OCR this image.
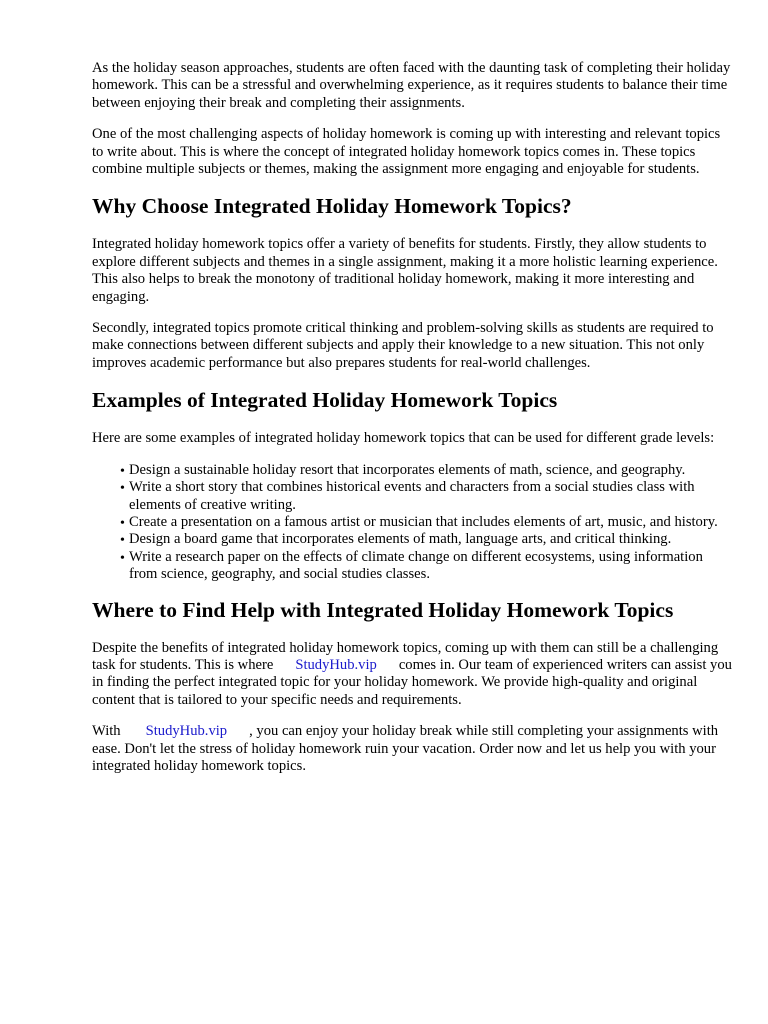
As the holiday season approaches, students are often faced with the daunting task of completing their holiday homework. This can be a stressful and overwhelming experience, as it requires students to balance their time between enjoying their break and completing their assignments.

One of the most challenging aspects of holiday homework is coming up with interesting and relevant topics to write about. This is where the concept of integrated holiday homework topics comes in. These topics combine multiple subjects or themes, making the assignment more engaging and enjoyable for students.

Why Choose Integrated Holiday Homework Topics?

Integrated holiday homework topics offer a variety of benefits for students. Firstly, they allow students to explore different subjects and themes in a single assignment, making it a more holistic learning experience. This also helps to break the monotony of traditional holiday homework, making it more interesting and engaging.

Secondly, integrated topics promote critical thinking and problem-solving skills as students are required to make connections between different subjects and apply their knowledge to a new situation. This not only improves academic performance but also prepares students for real-world challenges.

Examples of Integrated Holiday Homework Topics

Here are some examples of integrated holiday homework topics that can be used for different grade levels:

• Design a sustainable holiday resort that incorporates elements of math, science, and geography.
• Write a short story that combines historical events and characters from a social studies class with elements of creative writing.
• Create a presentation on a famous artist or musician that includes elements of art, music, and history.
• Design a board game that incorporates elements of math, language arts, and critical thinking.
• Write a research paper on the effects of climate change on different ecosystems, using information from science, geography, and social studies classes.
Where to Find Help with Integrated Holiday Homework Topics

Despite the benefits of integrated holiday homework topics, coming up with them can still be a challenging task for students. This is where StudyHub.vip comes in. Our team of experienced writers can assist you in finding the perfect integrated topic for your holiday homework. We provide high-quality and original content that is tailored to your specific needs and requirements.

With StudyHub.vip , you can enjoy your holiday break while still completing your assignments with ease. Don't let the stress of holiday homework ruin your vacation. Order now and let us help you with your integrated holiday homework topics.
